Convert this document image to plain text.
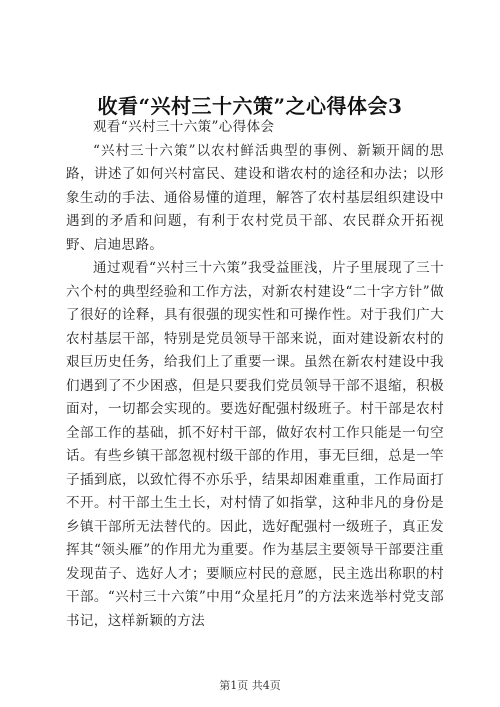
收看“兴村三十六策”之心得体会3

观看“兴村三十六策”心得体会

“兴村三十六策”以农村鲜活典型的事例、新颖开阔的思路，讲述了如何兴村富民、建设和谐农村的途径和办法；以形象生动的手法、通俗易懂的道理，解答了农村基层组织建设中遇到的矛盾和问题，有利于农村党员干部、农民群众开拓视野、启迪思路。

通过观看“兴村三十六策”我受益匪浅，片子里展现了三十六个村的典型经验和工作方法，对新农村建设“二十字方针”做了很好的诠释，具有很强的现实性和可操作性。对于我们广大农村基层干部，特别是党员领导干部来说，面对建设新农村的艰巨历史任务，给我们上了重要一课。虽然在新农村建设中我们遇到了不少困惑，但是只要我们党员领导干部不退缩，积极面对，一切都会实现的。要选好配强村级班子。村干部是农村全部工作的基础，抓不好村干部，做好农村工作只能是一句空话。有些乡镇干部忽视村级干部的作用，事无巨细，总是一竿子插到底，以致忙得不亦乐乎，结果却困难重重，工作局面打不开。村干部土生土长，对村情了如指掌，这种非凡的身份是乡镇干部所无法替代的。因此，选好配强村一级班子，真正发挥其“领头雁”的作用尤为重要。作为基层主要领导干部要注重发现苗子、选好人才；要顺应村民的意愿，民主选出称职的村干部。“兴村三十六策”中用“众星托月”的方法来选举村党支部书记，这样新颖的方法

第1页 共4页
